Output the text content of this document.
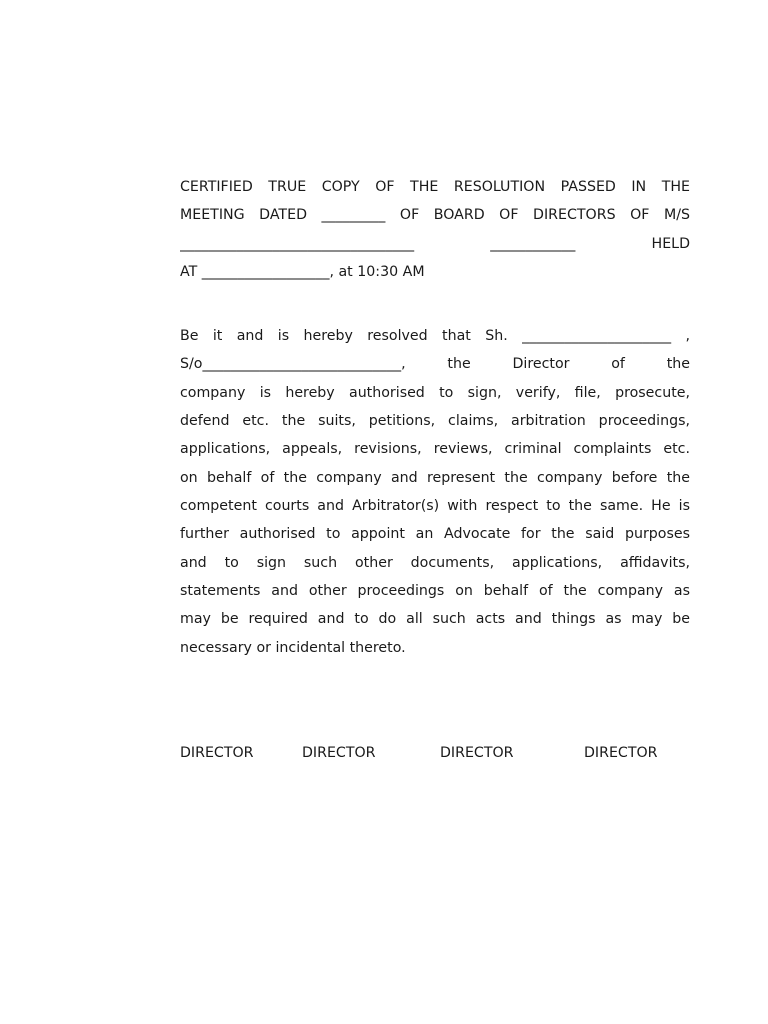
CERTIFIED TRUE COPY OF THE RESOLUTION PASSED IN THE
MEETING DATED _________ OF BOARD OF DIRECTORS OF M/S
_________________________________ ____________ HELD
AT __________________, at 10:30 AM
Be it and is hereby resolved that Sh. _____________________ ,
S/o____________________________, the Director of the
company is hereby authorised to sign, verify, file, prosecute,
defend etc. the suits, petitions, claims, arbitration proceedings,
applications, appeals, revisions, reviews, criminal complaints etc.
on behalf of the company and represent the company before the
competent courts and Arbitrator(s) with respect to the same. He is
further authorised to appoint an Advocate for the said purposes
and to sign such other documents, applications, affidavits,
statements and other proceedings on behalf of the company as
may be required and to do all such acts and things as may be
necessary or incidental thereto.
DIRECTOR	DIRECTOR	DIRECTOR	DIRECTOR
